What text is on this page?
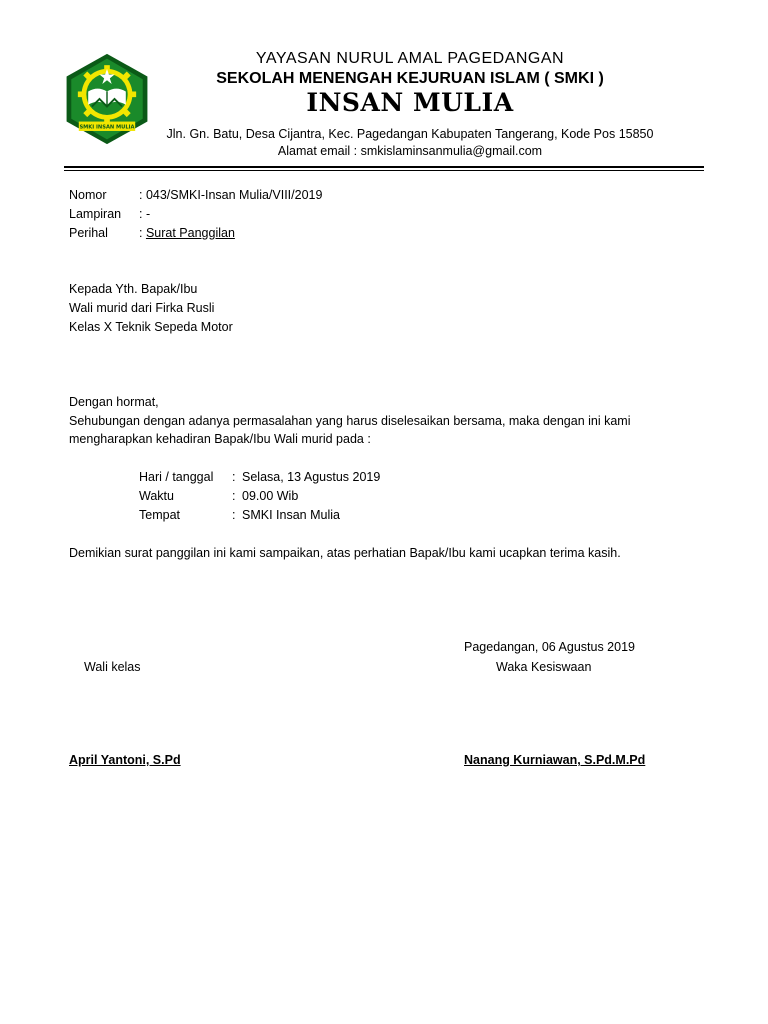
SMKI INSAN MULIA
YAYASAN NURUL AMAL PAGEDANGAN
SEKOLAH MENENGAH KEJURUAN ISLAM ( SMKI )
INSAN MULIA
Jln. Gn. Batu, Desa Cijantra, Kec. Pagedangan Kabupaten Tangerang, Kode Pos 15850
Alamat email : smkislaminsanmulia@gmail.com
Nomor	: 043/SMKI-Insan Mulia/VIII/2019
Lampiran : -
Perihal : Surat Panggilan
Kepada Yth. Bapak/Ibu
Wali murid dari Firka Rusli
Kelas X Teknik Sepeda Motor
Dengan hormat,
Sehubungan dengan adanya permasalahan yang harus diselesaikan bersama, maka dengan ini kami
mengharapkan kehadiran Bapak/Ibu Wali murid pada :
Hari / tanggal : Selasa, 13 Agustus 2019
Waktu	: 09.00 Wib
Tempat	: SMKI Insan Mulia
Demikian surat panggilan ini kami sampaikan, atas perhatian Bapak/Ibu kami ucapkan terima kasih.
Pagedangan, 06 Agustus 2019
Wali kelas	Waka Kesiswaan
April Yantoni, S.Pd	Nanang Kurniawan, S.Pd.M.Pd
